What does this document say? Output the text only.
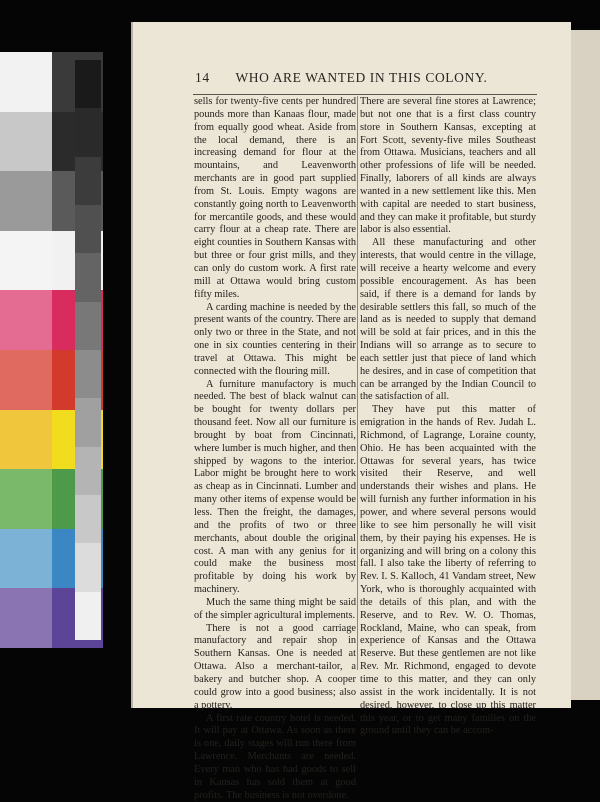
14 WHO ARE WANTED IN THIS COLONY.

sells for twenty-five cents per hundred pounds more than Kanaas flour, made from equally good wheat. Aside from the local demand, there is an increasing demand for flour at the mountains, and Leavenworth merchants are in good part supplied from St. Louis. Empty wagons are constantly going north to Leavenworth for mercantile goods, and these would carry flour at a cheap rate. There are eight counties in Southern Kansas with but three or four grist mills, and they can only do custom work. A first rate mill at Ottawa would bring custom fifty miles.

A carding machine is needed by the present wants of the country. There are only two or three in the State, and not one in six counties centering in their travel at Ottawa. This might be connected with the flouring mill.

A furniture manufactory is much needed. The best of black walnut can be bought for twenty dollars per thousand feet. Now all our furniture is brought by boat from Cincinnati, where lumber is much higher, and then shipped by wagons to the interior. Labor might be brought here to work as cheap as in Cincinnati. Lumber and many other items of expense would be less. Then the freight, the damages, and the profits of two or three merchants, about double the original cost. A man with any genius for it could make the business most profitable by doing his work by machinery.

Much the same thing might be said of the simpler agricultural implements.

There is not a good carriage manufactory and repair shop in Southern Kansas. One is needed at Ottawa. Also a merchant-tailor, a bakery and butcher shop. A cooper could grow into a good business; also a pottery.

A first rate country hotel is needed. It will pay at Ottawa. As soon as there is one, daily stages will run there from Lawrence. Merchants are needed. Every man who has had goods to sell in Kansas has sold them at good profits. The business is not overdone.

There are several fine stores at Lawrence; but not one that is a first class country store in Southern Kansas, excepting at Fort Scott, seventy-five miles Southeast from Ottawa. Musicians, teachers and all other professions of life will be needed. Finally, laborers of all kinds are always wanted in a new settlement like this. Men with capital are needed to start business, and they can make it profitable, but sturdy labor is also essential.

All these manufacturing and other interests, that would centre in the village, will receive a hearty welcome and every possible encouragement. As has been said, if there is a demand for lands by desirable settlers this fall, so much of the land as is needed to supply that demand will be sold at fair prices, and in this the Indians will so arrange as to secure to each settler just that piece of land which he desires, and in case of competition that can be arranged by the Indian Council to the satisfaction of all.

They have put this matter of emigration in the hands of Rev. Judah L. Richmond, of Lagrange, Loraine county, Ohio. He has been acquainted with the Ottawas for several years, has twice visited their Reserve, and well understands their wishes and plans. He will furnish any further information in his power, and where several persons would like to see him personally he will visit them, by their paying his expenses. He is organizing and will bring on a colony this fall. I also take the liberty of referring to Rev. I. S. Kalloch, 41 Vandam street, New York, who is thoroughly acquainted with the details of this plan, and with the Reserve, and to Rev. W. O. Thomas, Rockland, Maine, who can speak, from experience of Kansas and the Ottawa Reserve. But these gentlemen are not like Rev. Mr. Richmond, engaged to devote time to this matter, and they can only assist in the work incidentally. It is not desired, however, to close up this matter this year, or to get many families on the ground until they can be accom-
